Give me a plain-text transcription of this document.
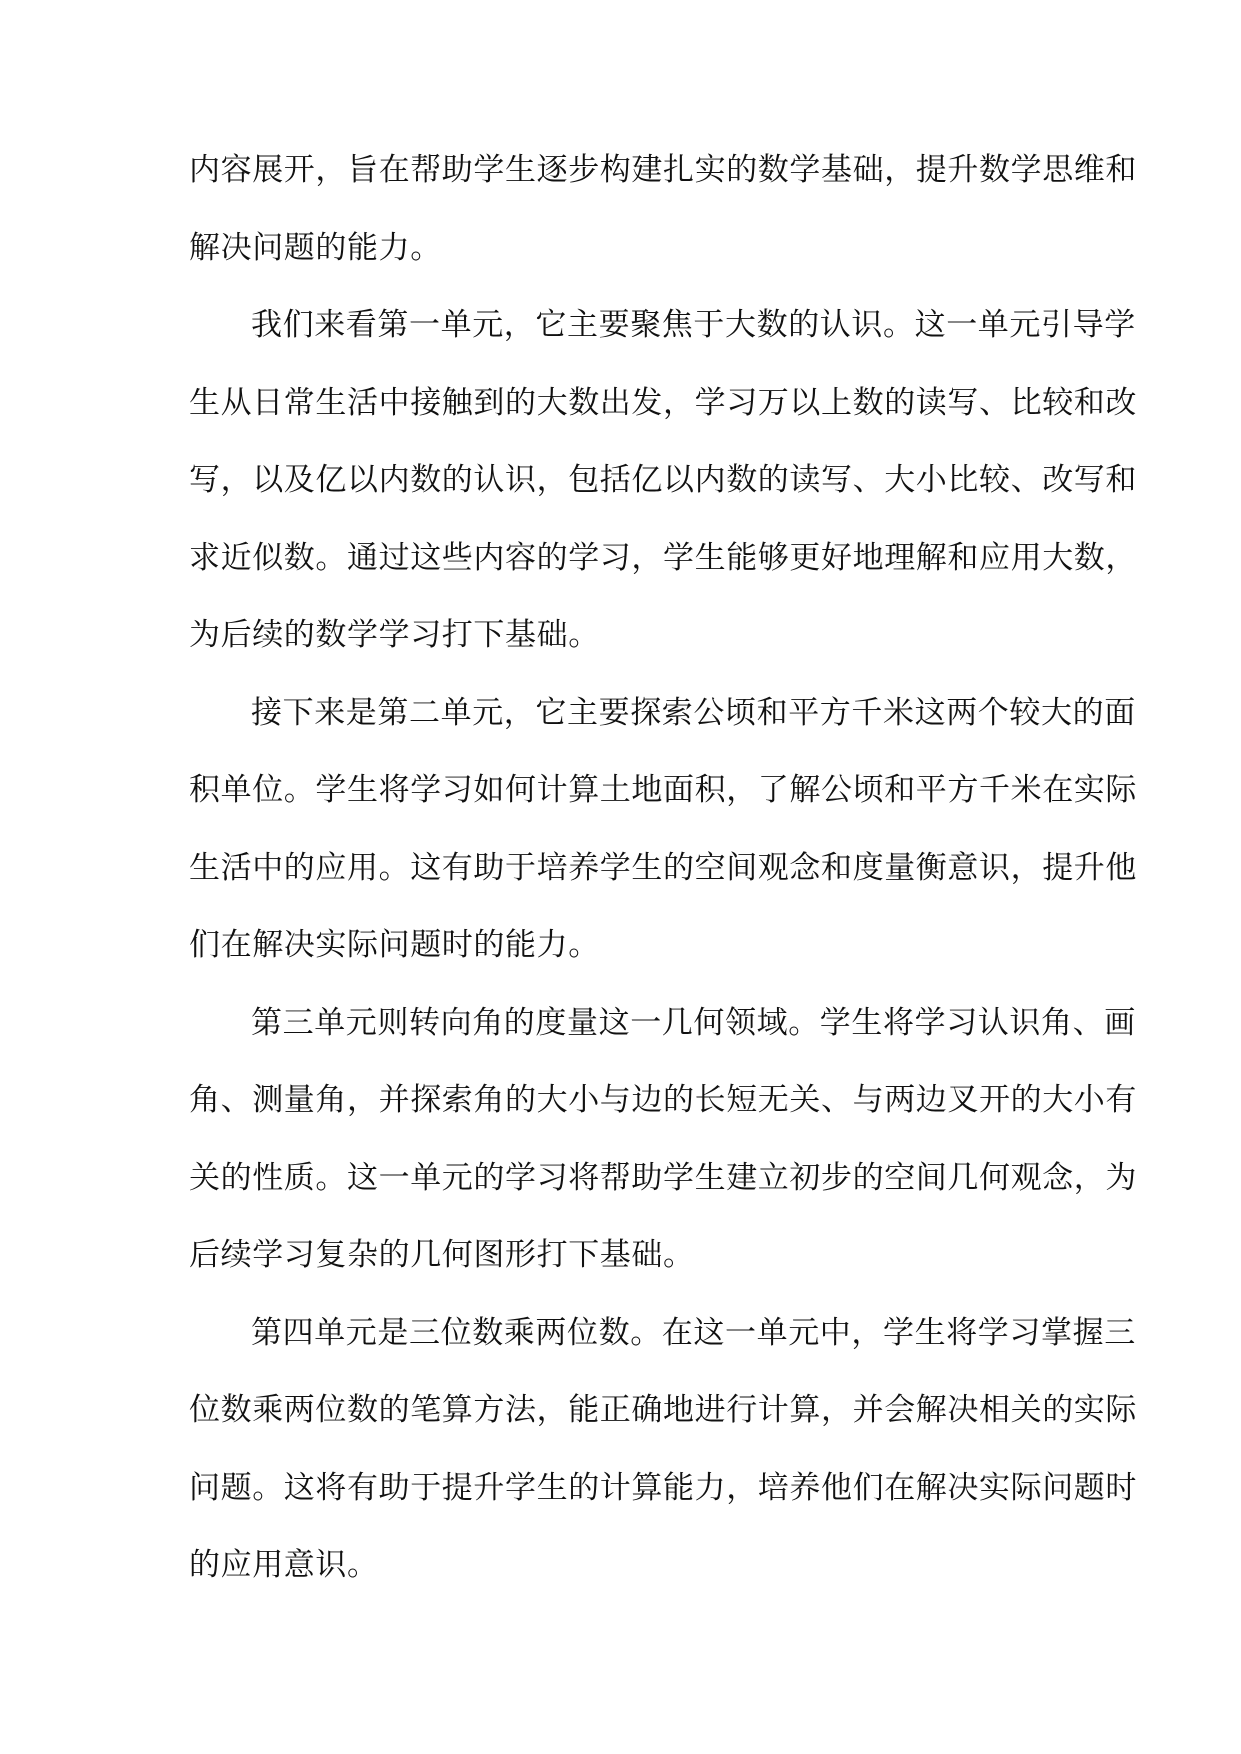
内容展开，旨在帮助学生逐步构建扎实的数学基础，提升数学思维和
解决问题的能力。
我们来看第一单元，它主要聚焦于大数的认识。这一单元引导学
生从日常生活中接触到的大数出发，学习万以上数的读写、比较和改
写，以及亿以内数的认识，包括亿以内数的读写、大小比较、改写和
求近似数。通过这些内容的学习，学生能够更好地理解和应用大数，
为后续的数学学习打下基础。
接下来是第二单元，它主要探索公顷和平方千米这两个较大的面
积单位。学生将学习如何计算土地面积，了解公顷和平方千米在实际
生活中的应用。这有助于培养学生的空间观念和度量衡意识，提升他
们在解决实际问题时的能力。
第三单元则转向角的度量这一几何领域。学生将学习认识角、画
角、测量角，并探索角的大小与边的长短无关、与两边叉开的大小有
关的性质。这一单元的学习将帮助学生建立初步的空间几何观念，为
后续学习复杂的几何图形打下基础。
第四单元是三位数乘两位数。在这一单元中，学生将学习掌握三
位数乘两位数的笔算方法，能正确地进行计算，并会解决相关的实际
问题。这将有助于提升学生的计算能力，培养他们在解决实际问题时
的应用意识。
